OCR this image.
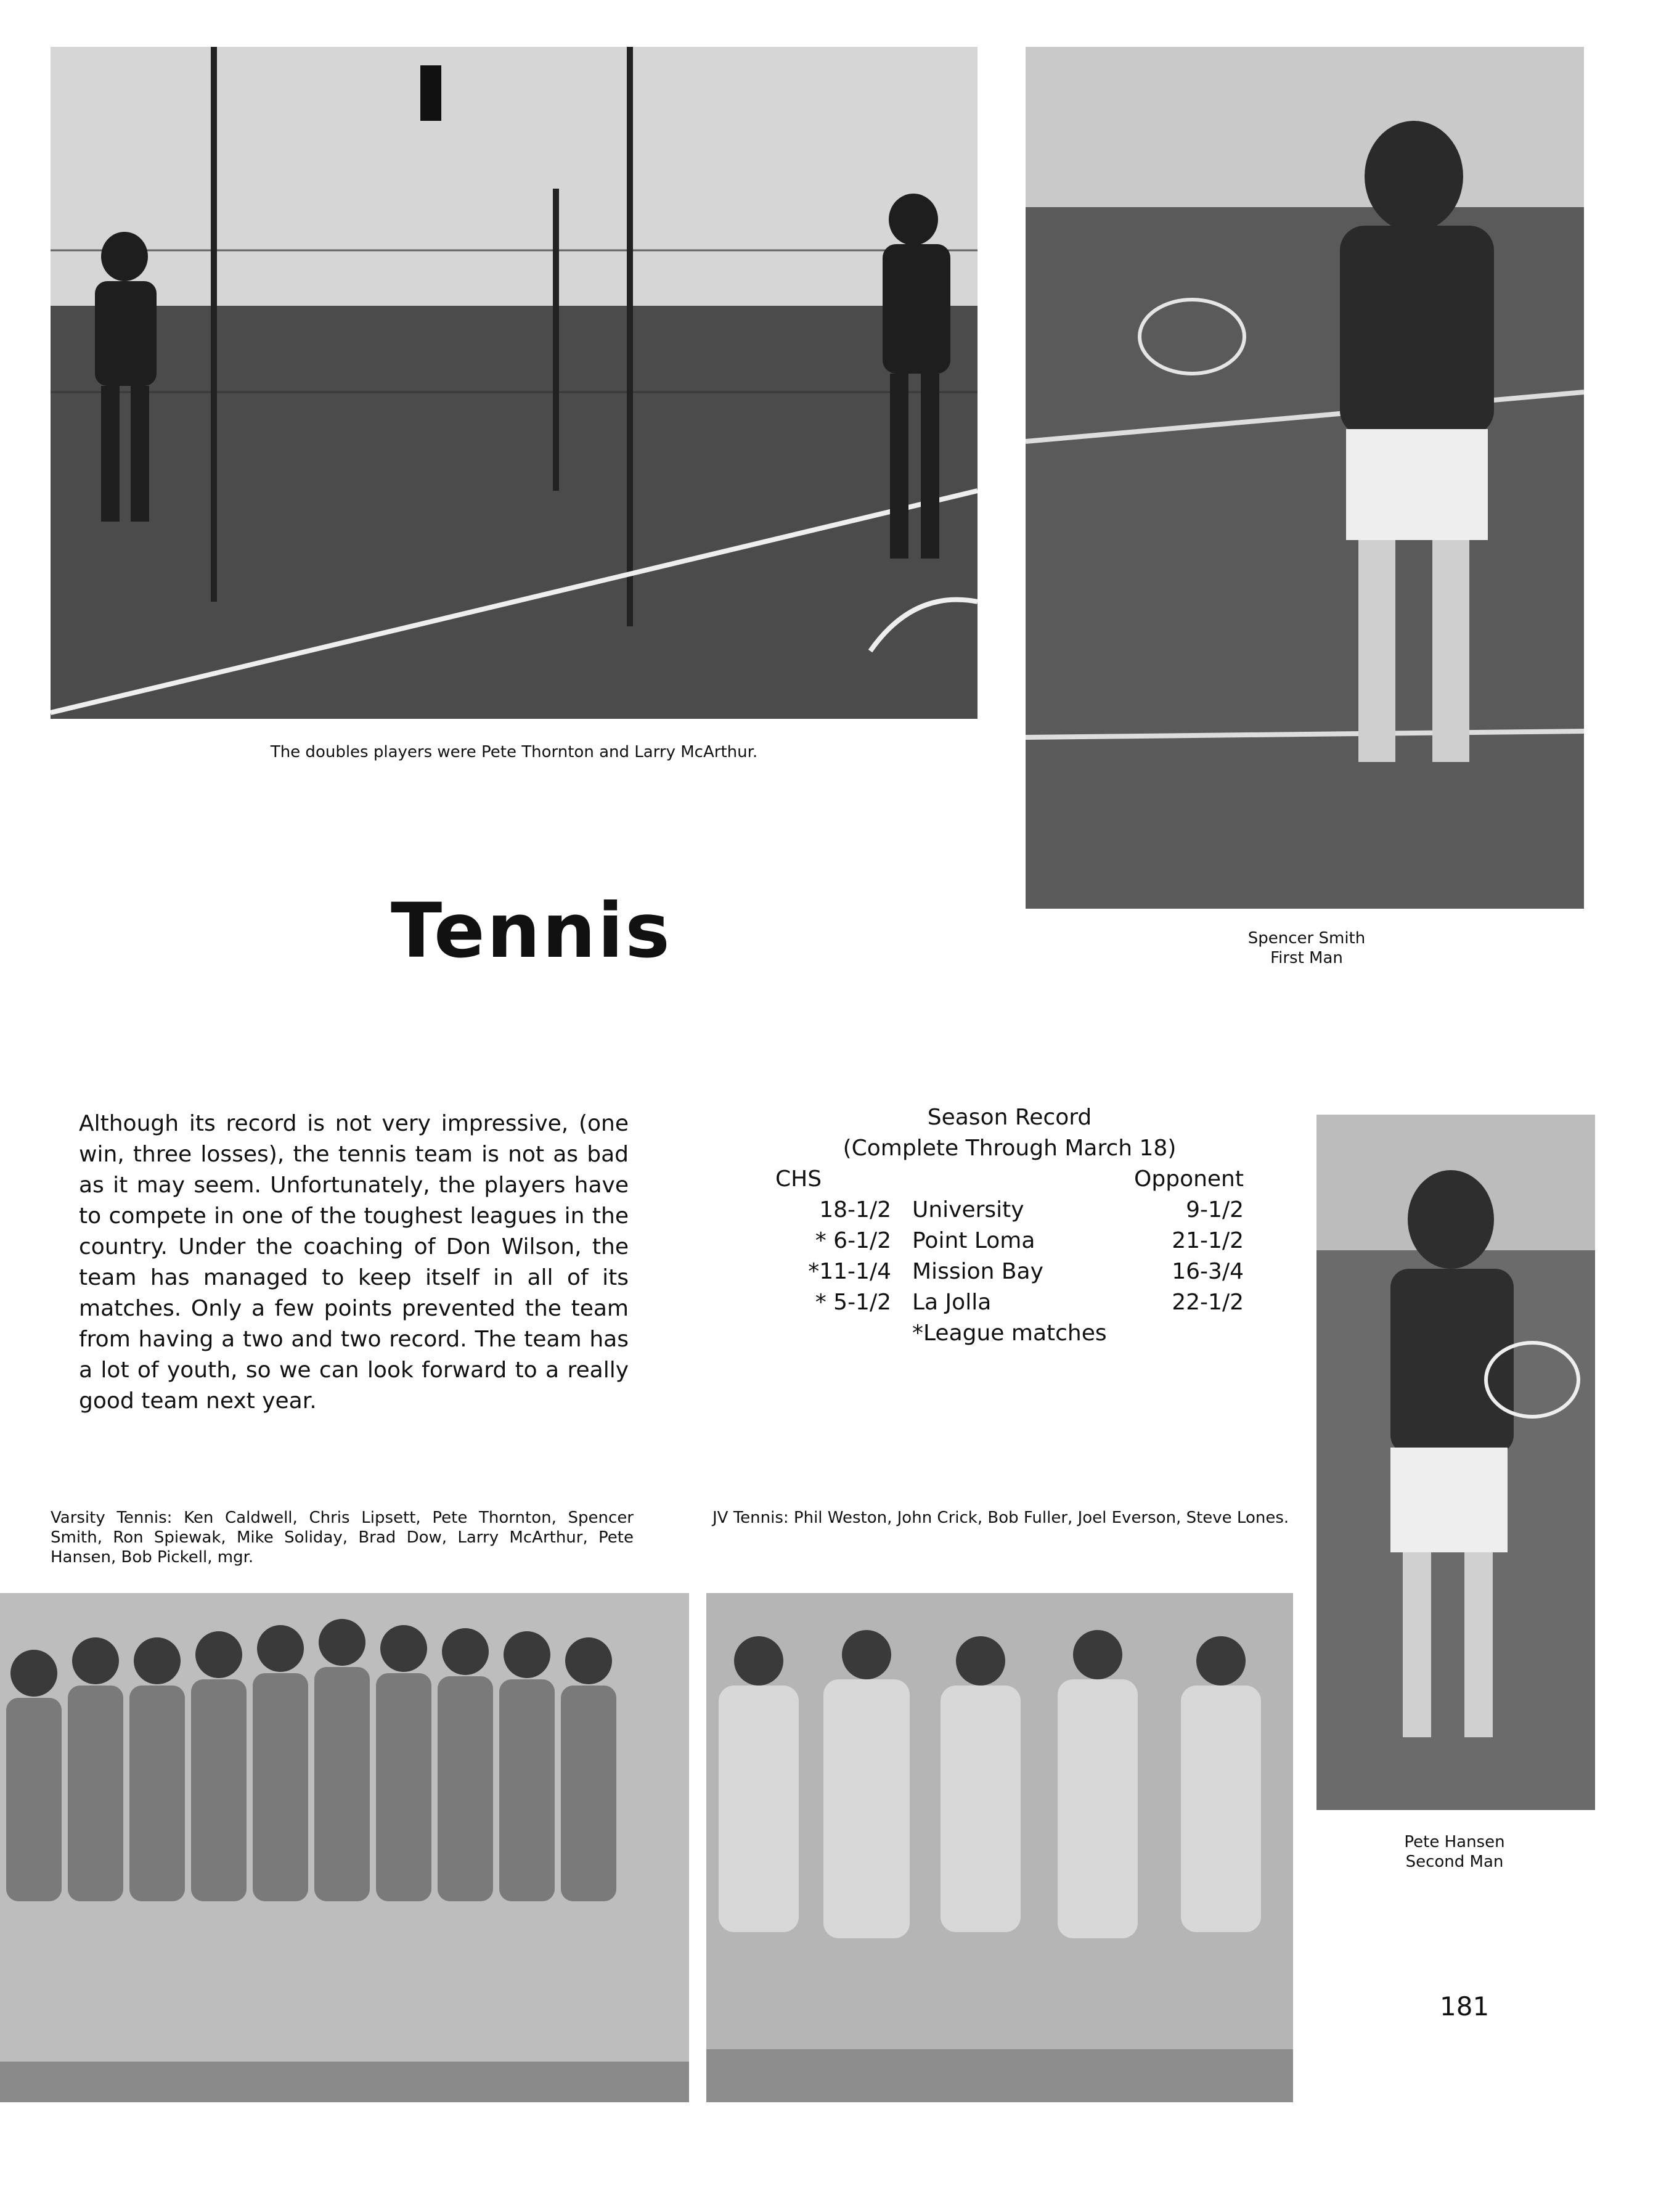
The doubles players were Pete Thornton and Larry McArthur.
Spencer Smith
First Man
Tennis
Although its record is not very impressive, (one win, three losses), the tennis team is not as bad as it may seem. Unfortunately, the players have to compete in one of the toughest leagues in the country. Under the coaching of Don Wilson, the team has managed to keep itself in all of its matches. Only a few points prevented the team from having a two and two record. The team has a lot of youth, so we can look forward to a really good team next year.
Season Record
(Complete Through March 18)
CHS	Opponent
18-1/2 University	9-1/2
* 6-1/2 Point Loma	21-1/2
*11-1/4 Mission Bay	16-3/4
* 5-1/2 La Jolla	22-1/2
*League matches
Pete Hansen
Second Man
Varsity Tennis: Ken Caldwell, Chris Lipsett, Pete Thornton, Spencer Smith, Ron Spiewak, Mike Soliday, Brad Dow, Larry McArthur, Pete Hansen, Bob Pickell, mgr.
JV Tennis: Phil Weston, John Crick, Bob Fuller, Joel Everson, Steve Lones.
181
